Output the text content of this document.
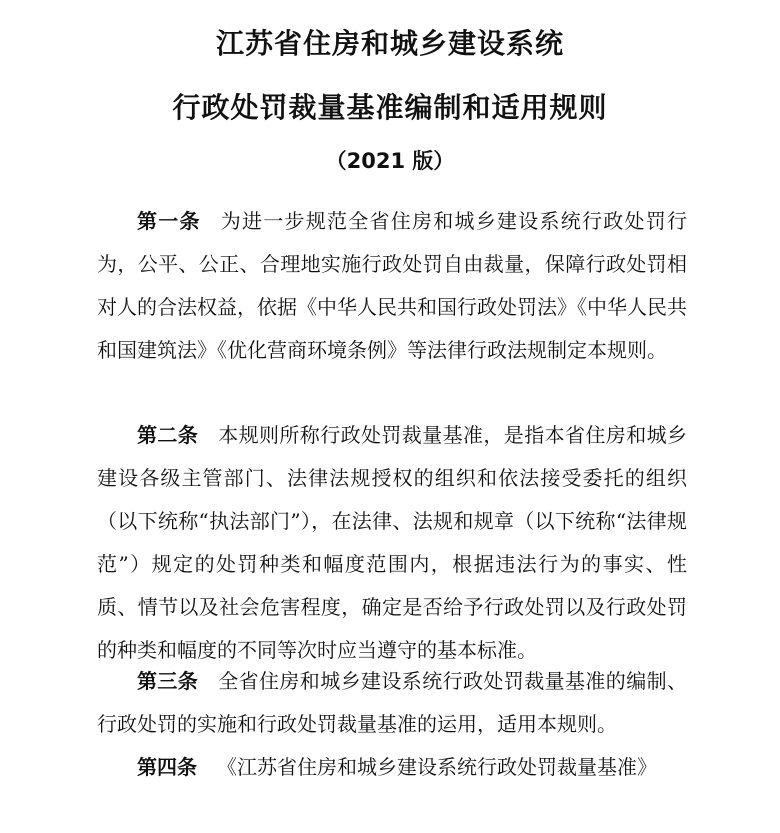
江苏省住房和城乡建设系统
行政处罚裁量基准编制和适用规则
（2021 版）

第一条 为进一步规范全省住房和城乡建设系统行政处罚行为，公平、公正、合理地实施行政处罚自由裁量，保障行政处罚相对人的合法权益，依据《中华人民共和国行政处罚法》《中华人民共和国建筑法》《优化营商环境条例》等法律行政法规制定本规则。

第二条 本规则所称行政处罚裁量基准，是指本省住房和城乡建设各级主管部门、法律法规授权的组织和依法接受委托的组织（以下统称“执法部门”），在法律、法规和规章（以下统称“法律规范”）规定的处罚种类和幅度范围内，根据违法行为的事实、性质、情节以及社会危害程度，确定是否给予行政处罚以及行政处罚的种类和幅度的不同等次时应当遵守的基本标准。

第三条 全省住房和城乡建设系统行政处罚裁量基准的编制、行政处罚的实施和行政处罚裁量基准的运用，适用本规则。

第四条 《江苏省住房和城乡建设系统行政处罚裁量基准》
